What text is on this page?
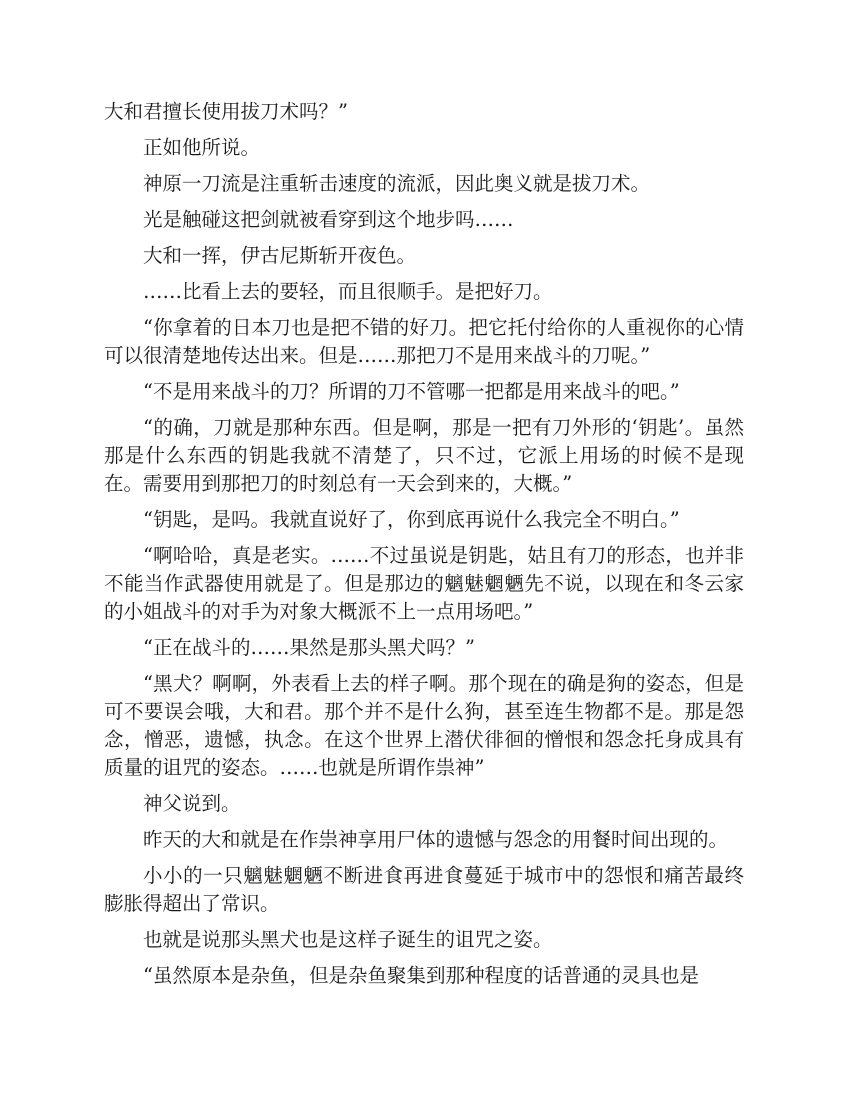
大和君擅长使用拔刀术吗？”

正如他所说。

神原一刀流是注重斩击速度的流派，因此奥义就是拔刀术。

光是触碰这把剑就被看穿到这个地步吗……

大和一挥，伊古尼斯斩开夜色。

……比看上去的要轻，而且很顺手。是把好刀。

“你拿着的日本刀也是把不错的好刀。把它托付给你的人重视你的心情可以很清楚地传达出来。但是……那把刀不是用来战斗的刀呢。”

“不是用来战斗的刀？所谓的刀不管哪一把都是用来战斗的吧。”

“的确，刀就是那种东西。但是啊，那是一把有刀外形的‘钥匙’。虽然那是什么东西的钥匙我就不清楚了，只不过，它派上用场的时候不是现在。需要用到那把刀的时刻总有一天会到来的，大概。”

“钥匙，是吗。我就直说好了，你到底再说什么我完全不明白。”

“啊哈哈，真是老实。……不过虽说是钥匙，姑且有刀的形态，也并非不能当作武器使用就是了。但是那边的魑魅魍魉先不说，以现在和冬云家的小姐战斗的对手为对象大概派不上一点用场吧。”

“正在战斗的……果然是那头黑犬吗？”

“黑犬？啊啊，外表看上去的样子啊。那个现在的确是狗的姿态，但是可不要误会哦，大和君。那个并不是什么狗，甚至连生物都不是。那是怨念，憎恶，遗憾，执念。在这个世界上潜伏徘徊的憎恨和怨念托身成具有质量的诅咒的姿态。……也就是所谓作祟神”

神父说到。

昨天的大和就是在作祟神享用尸体的遗憾与怨念的用餐时间出现的。

小小的一只魑魅魍魉不断进食再进食蔓延于城市中的怨恨和痛苦最终膨胀得超出了常识。

也就是说那头黑犬也是这样子诞生的诅咒之姿。

“虽然原本是杂鱼，但是杂鱼聚集到那种程度的话普通的灵具也是
